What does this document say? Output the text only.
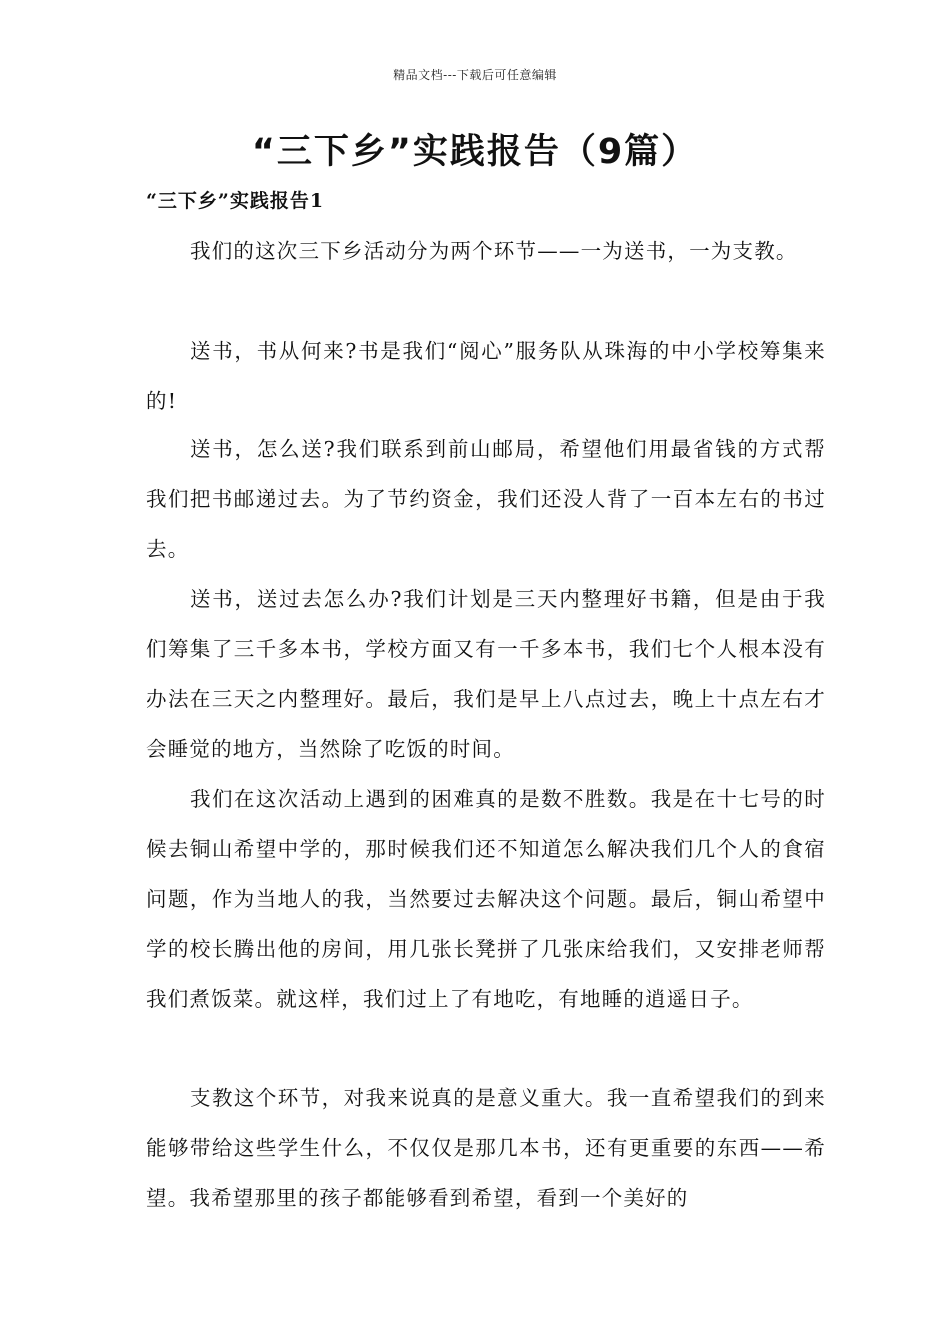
精品文档---下载后可任意编辑
“三下乡”实践报告（9篇）
“三下乡”实践报告1

我们的这次三下乡活动分为两个环节——一为送书，一为支教。

送书，书从何来?书是我们“阅心”服务队从珠海的中小学校筹集来的!

送书，怎么送?我们联系到前山邮局，希望他们用最省钱的方式帮我们把书邮递过去。为了节约资金，我们还没人背了一百本左右的书过去。

送书，送过去怎么办?我们计划是三天内整理好书籍，但是由于我们筹集了三千多本书，学校方面又有一千多本书，我们七个人根本没有办法在三天之内整理好。最后，我们是早上八点过去，晚上十点左右才会睡觉的地方，当然除了吃饭的时间。

我们在这次活动上遇到的困难真的是数不胜数。我是在十七号的时候去铜山希望中学的，那时候我们还不知道怎么解决我们几个人的食宿问题，作为当地人的我，当然要过去解决这个问题。最后，铜山希望中学的校长腾出他的房间，用几张长凳拼了几张床给我们，又安排老师帮我们煮饭菜。就这样，我们过上了有地吃，有地睡的逍遥日子。

支教这个环节，对我来说真的是意义重大。我一直希望我们的到来能够带给这些学生什么，不仅仅是那几本书，还有更重要的东西——希望。我希望那里的孩子都能够看到希望，看到一个美好的
